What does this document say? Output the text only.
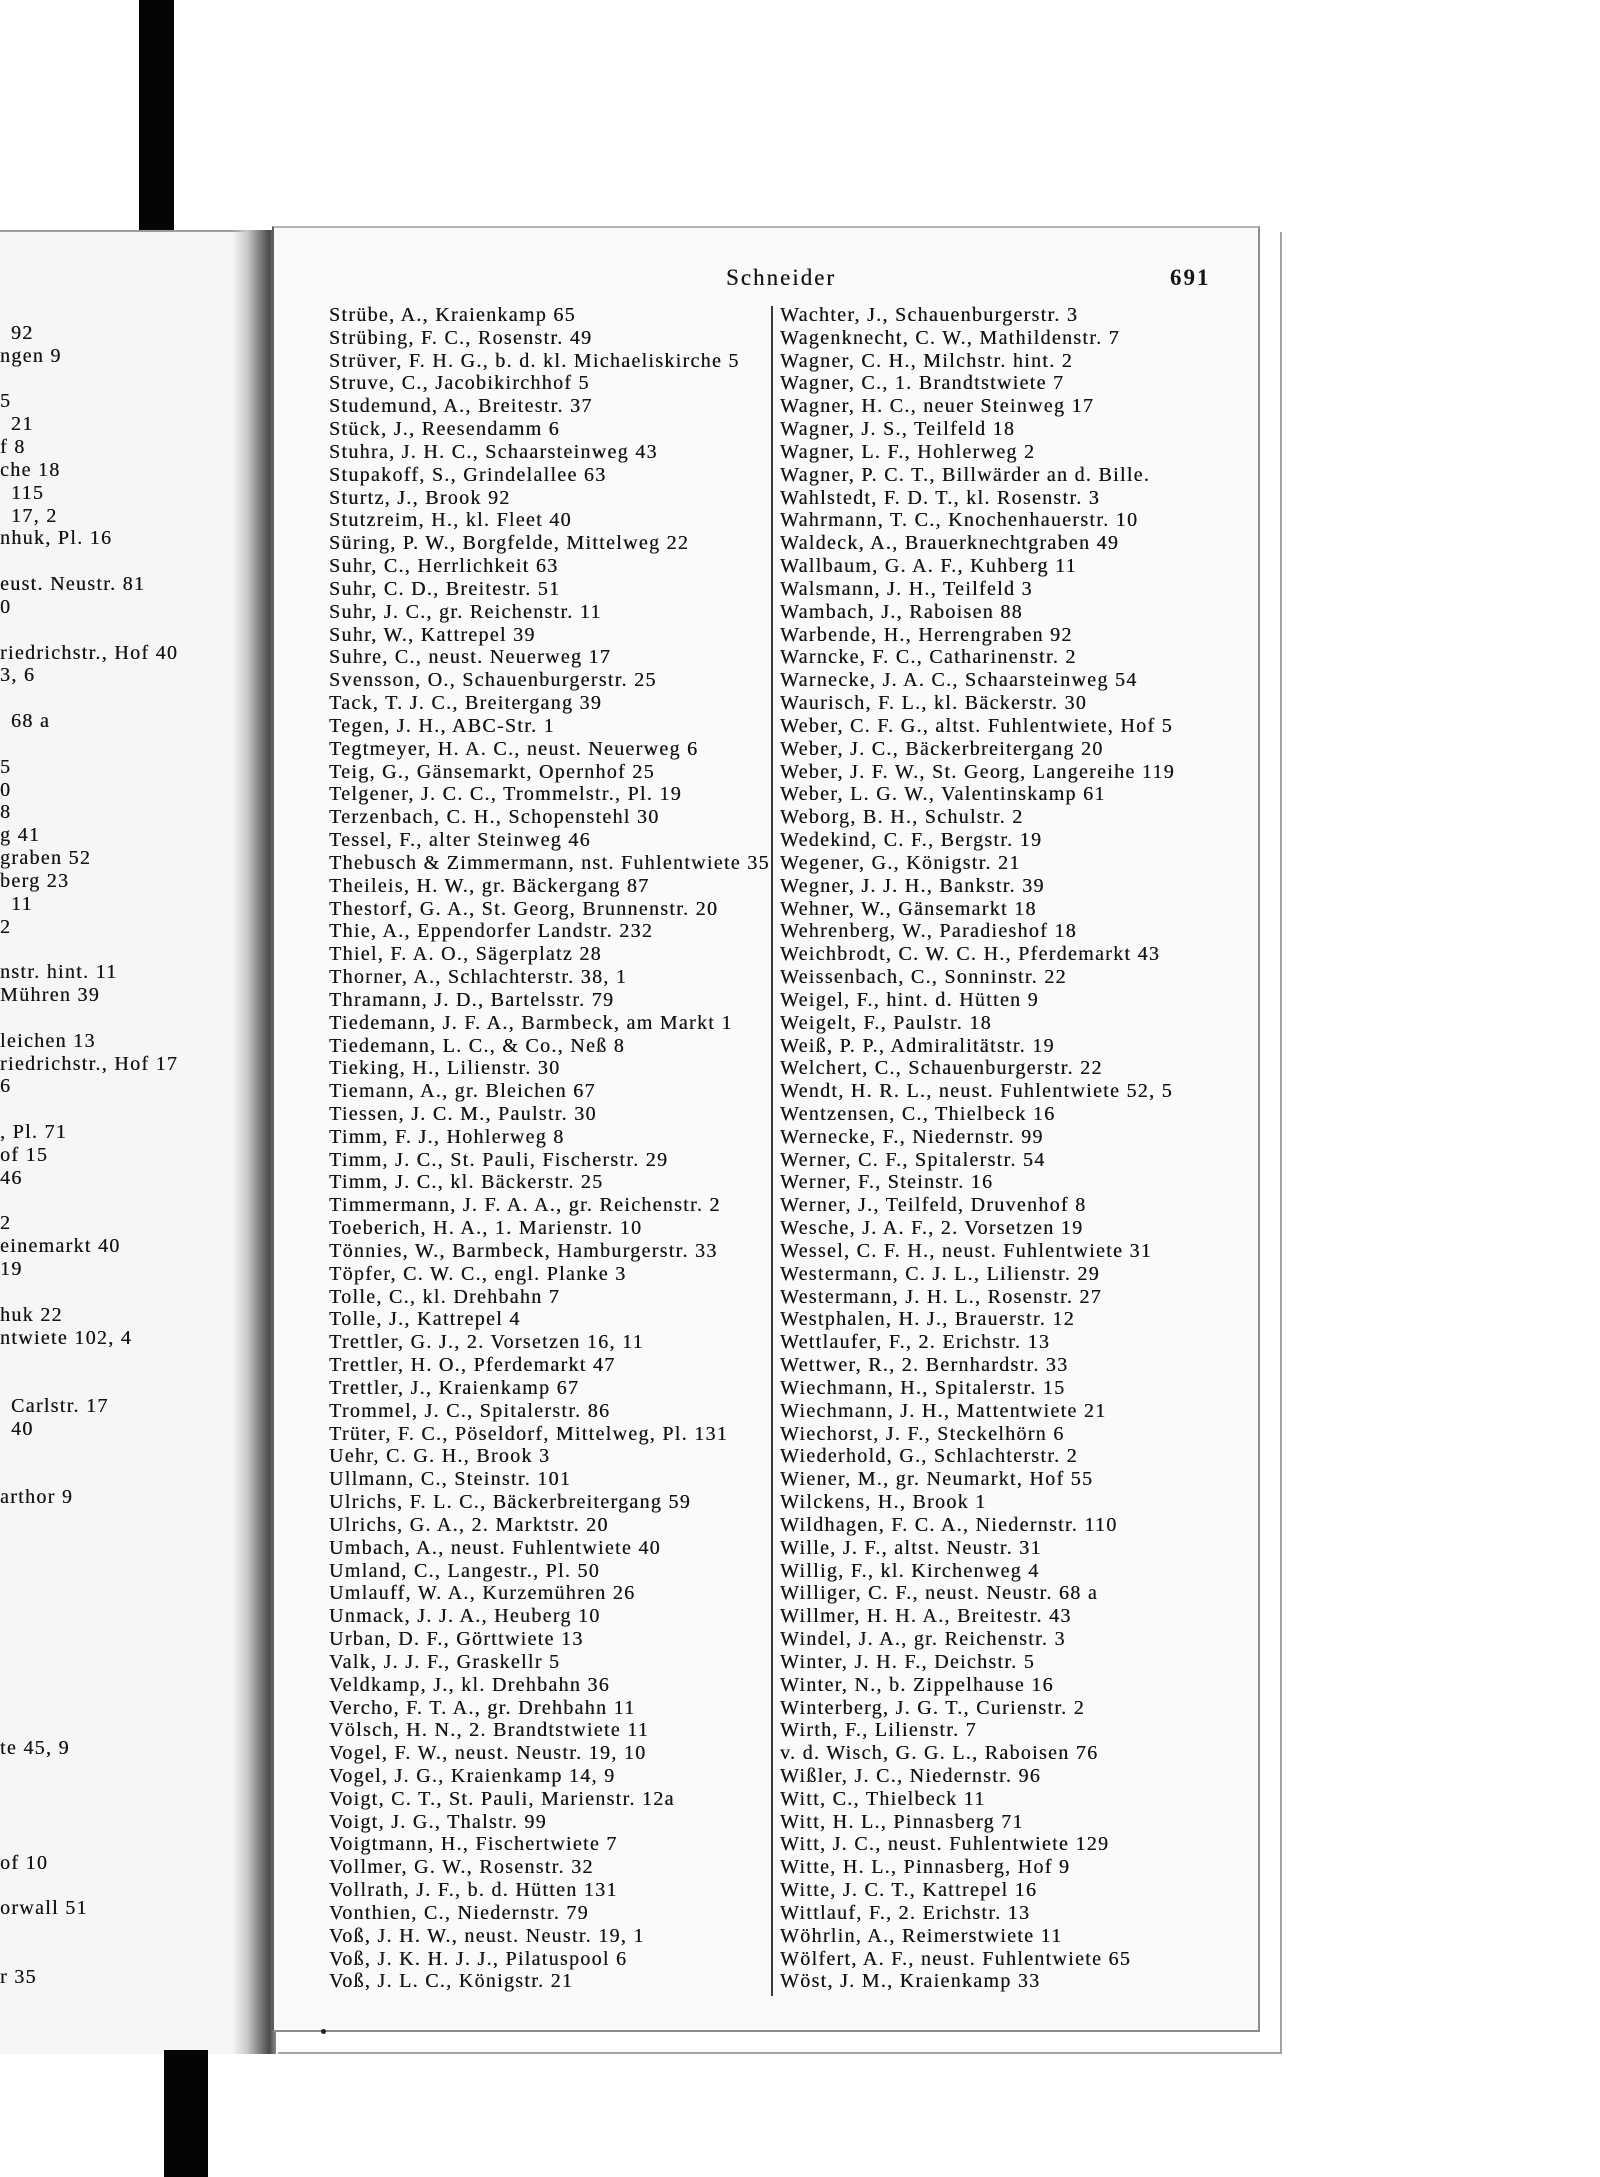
92
ngen 9
5
21
f 8
che 18
115
17, 2
nhuk, Pl. 16
eust. Neustr. 81
0
riedrichstr., Hof 40
3, 6
68 a
5
0
8
g 41
graben 52
berg 23
11
2
nstr. hint. 11
Mühren 39
leichen 13
riedrichstr., Hof 17
6
, Pl. 71
of 15
46
2
einemarkt 40
19
huk 22
ntwiete 102, 4
Carlstr. 17
40
arthor 9
te 45, 9
of 10
orwall 51
r 35
Schneider	691
Strübe, A., Kraienkamp 65
Strübing, F. C., Rosenstr. 49
Strüver, F. H. G., b. d. kl. Michaeliskirche 5
Struve, C., Jacobikirchhof 5
Studemund, A., Breitestr. 37
Stück, J., Reesendamm 6
Stuhra, J. H. C., Schaarsteinweg 43
Stupakoff, S., Grindelallee 63
Sturtz, J., Brook 92
Stutzreim, H., kl. Fleet 40
Süring, P. W., Borgfelde, Mittelweg 22
Suhr, C., Herrlichkeit 63
Suhr, C. D., Breitestr. 51
Suhr, J. C., gr. Reichenstr. 11
Suhr, W., Kattrepel 39
Suhre, C., neust. Neuerweg 17
Svensson, O., Schauenburgerstr. 25
Tack, T. J. C., Breitergang 39
Tegen, J. H., ABC-Str. 1
Tegtmeyer, H. A. C., neust. Neuerweg 6
Teig, G., Gänsemarkt, Opernhof 25
Telgener, J. C. C., Trommelstr., Pl. 19
Terzenbach, C. H., Schopenstehl 30
Tessel, F., alter Steinweg 46
Thebusch & Zimmermann, nst. Fuhlentwiete 35
Theileis, H. W., gr. Bäckergang 87
Thestorf, G. A., St. Georg, Brunnenstr. 20
Thie, A., Eppendorfer Landstr. 232
Thiel, F. A. O., Sägerplatz 28
Thorner, A., Schlachterstr. 38, 1
Thramann, J. D., Bartelsstr. 79
Tiedemann, J. F. A., Barmbeck, am Markt 1
Tiedemann, L. C., & Co., Neß 8
Tieking, H., Lilienstr. 30
Tiemann, A., gr. Bleichen 67
Tiessen, J. C. M., Paulstr. 30
Timm, F. J., Hohlerweg 8
Timm, J. C., St. Pauli, Fischerstr. 29
Timm, J. C., kl. Bäckerstr. 25
Timmermann, J. F. A. A., gr. Reichenstr. 2
Toeberich, H. A., 1. Marienstr. 10
Tönnies, W., Barmbeck, Hamburgerstr. 33
Töpfer, C. W. C., engl. Planke 3
Tolle, C., kl. Drehbahn 7
Tolle, J., Kattrepel 4
Trettler, G. J., 2. Vorsetzen 16, 11
Trettler, H. O., Pferdemarkt 47
Trettler, J., Kraienkamp 67
Trommel, J. C., Spitalerstr. 86
Trüter, F. C., Pöseldorf, Mittelweg, Pl. 131
Uehr, C. G. H., Brook 3
Ullmann, C., Steinstr. 101
Ulrichs, F. L. C., Bäckerbreitergang 59
Ulrichs, G. A., 2. Marktstr. 20
Umbach, A., neust. Fuhlentwiete 40
Umland, C., Langestr., Pl. 50
Umlauff, W. A., Kurzemühren 26
Unmack, J. J. A., Heuberg 10
Urban, D. F., Görttwiete 13
Valk, J. J. F., Graskellr 5
Veldkamp, J., kl. Drehbahn 36
Vercho, F. T. A., gr. Drehbahn 11
Völsch, H. N., 2. Brandtstwiete 11
Vogel, F. W., neust. Neustr. 19, 10
Vogel, J. G., Kraienkamp 14, 9
Voigt, C. T., St. Pauli, Marienstr. 12a
Voigt, J. G., Thalstr. 99
Voigtmann, H., Fischertwiete 7
Vollmer, G. W., Rosenstr. 32
Vollrath, J. F., b. d. Hütten 131
Vonthien, C., Niedernstr. 79
Voß, J. H. W., neust. Neustr. 19, 1
Voß, J. K. H. J. J., Pilatuspool 6
Voß, J. L. C., Königstr. 21
Wachter, J., Schauenburgerstr. 3
Wagenknecht, C. W., Mathildenstr. 7
Wagner, C. H., Milchstr. hint. 2
Wagner, C., 1. Brandtstwiete 7
Wagner, H. C., neuer Steinweg 17
Wagner, J. S., Teilfeld 18
Wagner, L. F., Hohlerweg 2
Wagner, P. C. T., Billwärder an d. Bille.
Wahlstedt, F. D. T., kl. Rosenstr. 3
Wahrmann, T. C., Knochenhauerstr. 10
Waldeck, A., Brauerknechtgraben 49
Wallbaum, G. A. F., Kuhberg 11
Walsmann, J. H., Teilfeld 3
Wambach, J., Raboisen 88
Warbende, H., Herrengraben 92
Warncke, F. C., Catharinenstr. 2
Warnecke, J. A. C., Schaarsteinweg 54
Waurisch, F. L., kl. Bäckerstr. 30
Weber, C. F. G., altst. Fuhlentwiete, Hof 5
Weber, J. C., Bäckerbreitergang 20
Weber, J. F. W., St. Georg, Langereihe 119
Weber, L. G. W., Valentinskamp 61
Weborg, B. H., Schulstr. 2
Wedekind, C. F., Bergstr. 19
Wegener, G., Königstr. 21
Wegner, J. J. H., Bankstr. 39
Wehner, W., Gänsemarkt 18
Wehrenberg, W., Paradieshof 18
Weichbrodt, C. W. C. H., Pferdemarkt 43
Weissenbach, C., Sonninstr. 22
Weigel, F., hint. d. Hütten 9
Weigelt, F., Paulstr. 18
Weiß, P. P., Admiralitätstr. 19
Welchert, C., Schauenburgerstr. 22
Wendt, H. R. L., neust. Fuhlentwiete 52, 5
Wentzensen, C., Thielbeck 16
Wernecke, F., Niedernstr. 99
Werner, C. F., Spitalerstr. 54
Werner, F., Steinstr. 16
Werner, J., Teilfeld, Druvenhof 8
Wesche, J. A. F., 2. Vorsetzen 19
Wessel, C. F. H., neust. Fuhlentwiete 31
Westermann, C. J. L., Lilienstr. 29
Westermann, J. H. L., Rosenstr. 27
Westphalen, H. J., Brauerstr. 12
Wettlaufer, F., 2. Erichstr. 13
Wettwer, R., 2. Bernhardstr. 33
Wiechmann, H., Spitalerstr. 15
Wiechmann, J. H., Mattentwiete 21
Wiechorst, J. F., Steckelhörn 6
Wiederhold, G., Schlachterstr. 2
Wiener, M., gr. Neumarkt, Hof 55
Wilckens, H., Brook 1
Wildhagen, F. C. A., Niedernstr. 110
Wille, J. F., altst. Neustr. 31
Willig, F., kl. Kirchenweg 4
Williger, C. F., neust. Neustr. 68 a
Willmer, H. H. A., Breitestr. 43
Windel, J. A., gr. Reichenstr. 3
Winter, J. H. F., Deichstr. 5
Winter, N., b. Zippelhause 16
Winterberg, J. G. T., Curienstr. 2
Wirth, F., Lilienstr. 7
v. d. Wisch, G. G. L., Raboisen 76
Wißler, J. C., Niedernstr. 96
Witt, C., Thielbeck 11
Witt, H. L., Pinnasberg 71
Witt, J. C., neust. Fuhlentwiete 129
Witte, H. L., Pinnasberg, Hof 9
Witte, J. C. T., Kattrepel 16
Wittlauf, F., 2. Erichstr. 13
Wöhrlin, A., Reimerstwiete 11
Wölfert, A. F., neust. Fuhlentwiete 65
Wöst, J. M., Kraienkamp 33
